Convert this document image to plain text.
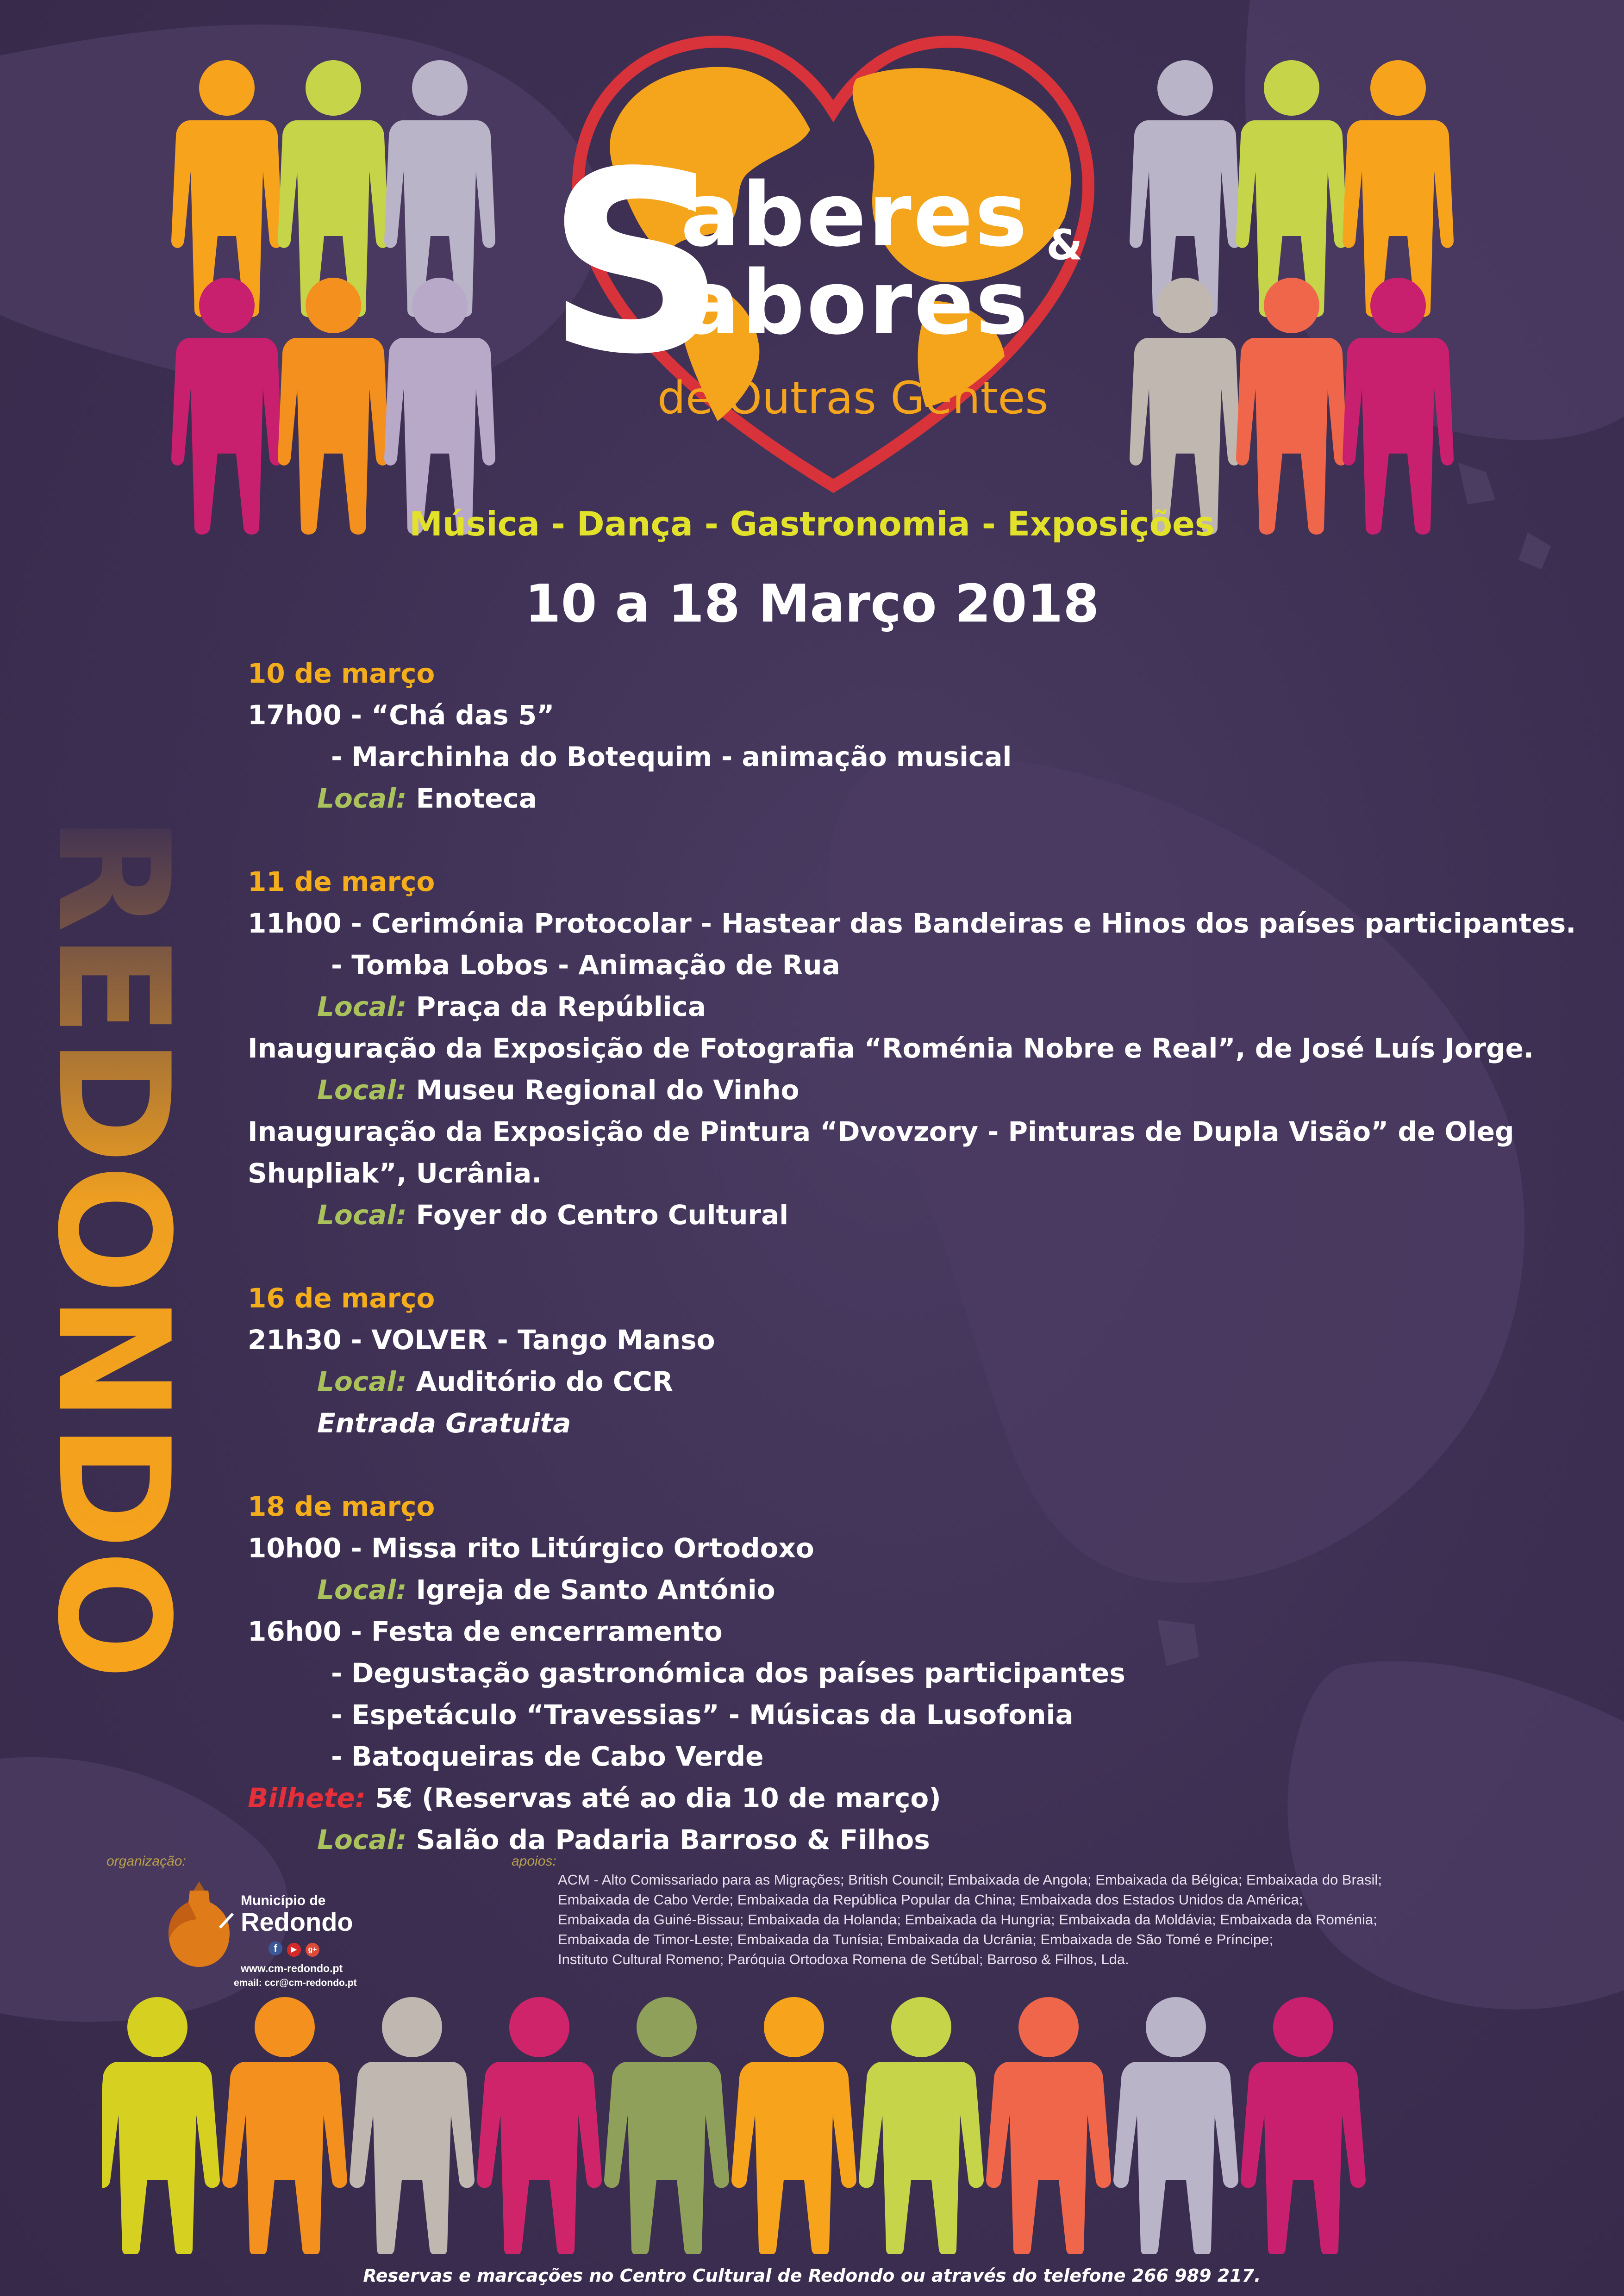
S
aberes &
abores
de Outras Gentes
Música - Dança - Gastronomia - Exposições
10 a 18 Março 2018
REDONDO
10 de março
17h00 - “Chá das 5”
- Marchinha do Botequim - animação musical
Local: Enoteca
11 de março
11h00 - Cerimónia Protocolar - Hastear das Bandeiras e Hinos dos países participantes.
- Tomba Lobos - Animação de Rua
Local: Praça da República
Inauguração da Exposição de Fotografia “Roménia Nobre e Real”, de José Luís Jorge.
Local: Museu Regional do Vinho
Inauguração da Exposição de Pintura “Dvovzory - Pinturas de Dupla Visão” de Oleg Shupliak”, Ucrânia.
Local: Foyer do Centro Cultural
16 de março
21h30 - VOLVER - Tango Manso
Local: Auditório do CCR
Entrada Gratuita
18 de março
10h00 - Missa rito Litúrgico Ortodoxo
Local: Igreja de Santo António
16h00 - Festa de encerramento
- Degustação gastronómica dos países participantes
- Espetáculo “Travessias” - Músicas da Lusofonia
- Batoqueiras de Cabo Verde
Bilhete: 5€ (Reservas até ao dia 10 de março)
Local: Salão da Padaria Barroso & Filhos
organização:	apoios:
Município de
Redondo
f ▶ g+
www.cm-redondo.pt
email: ccr@cm-redondo.pt
ACM - Alto Comissariado para as Migrações; British Council; Embaixada de Angola; Embaixada da Bélgica; Embaixada do Brasil;
Embaixada de Cabo Verde; Embaixada da República Popular da China; Embaixada dos Estados Unidos da América;
Embaixada da Guiné-Bissau; Embaixada da Holanda; Embaixada da Hungria; Embaixada da Moldávia; Embaixada da Roménia;
Embaixada de Timor-Leste; Embaixada da Tunísia; Embaixada da Ucrânia; Embaixada de São Tomé e Príncipe;
Instituto Cultural Romeno; Paróquia Ortodoxa Romena de Setúbal; Barroso & Filhos, Lda.
Reservas e marcações no Centro Cultural de Redondo ou através do telefone 266 989 217.
